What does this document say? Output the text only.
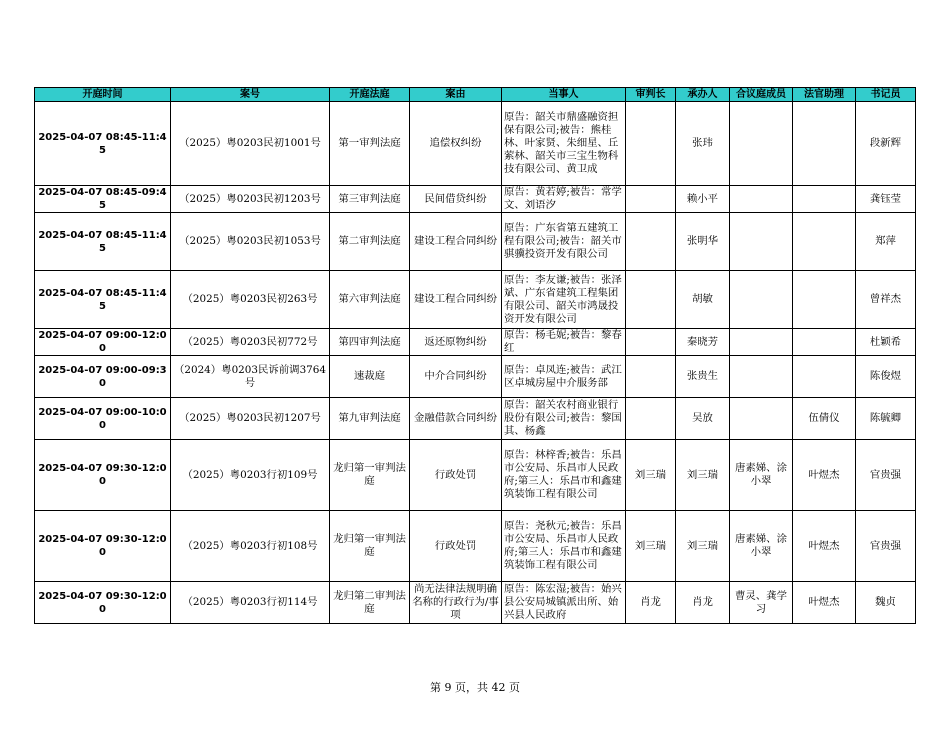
开庭时间	案号	开庭法庭	案由	当事人	审判长	承办人	合议庭成员	法官助理	书记员
2025-04-07 08:45-11:45	（2025）粤0203民初1001号	第一审判法庭	追偿权纠纷	原告：韶关市鼎盛融资担保有限公司;被告：熊桂林、叶家贤、朱细星、丘萦林、韶关市三宝生物科技有限公司、黄卫成		张玮			段新辉
2025-04-07 08:45-09:45	（2025）粤0203民初1203号	第三审判法庭	民间借贷纠纷	原告：黄若婷;被告：常学文、刘语汐		赖小平			龚钰莹
2025-04-07 08:45-11:45	（2025）粤0203民初1053号	第二审判法庭	建设工程合同纠纷	原告：广东省第五建筑工程有限公司;被告：韶关市骐骥投资开发有限公司		张明华			郑萍
2025-04-07 08:45-11:45	（2025）粤0203民初263号	第六审判法庭	建设工程合同纠纷	原告：李友谦;被告：张泽斌、广东省建筑工程集团有限公司、韶关市鸿晟投资开发有限公司		胡敏			曾祥杰
2025-04-07 09:00-12:00	（2025）粤0203民初772号	第四审判法庭	返还原物纠纷	原告：杨毛妮;被告：黎春红		秦晓芳			杜颖希
2025-04-07 09:00-09:30	（2024）粤0203民诉前调3764号	速裁庭	中介合同纠纷	原告：卓凤连;被告：武江区卓城房屋中介服务部		张贵生			陈俊煜
2025-04-07 09:00-10:00	（2025）粤0203民初1207号	第九审判法庭	金融借款合同纠纷	原告：韶关农村商业银行股份有限公司;被告：黎国其、杨鑫		吴放		伍倩仪	陈毓卿
2025-04-07 09:30-12:00	（2025）粤0203行初109号	龙归第一审判法庭	行政处罚	原告：林梓香;被告：乐昌市公安局、乐昌市人民政府;第三人：乐昌市和鑫建筑装饰工程有限公司	刘三瑞	刘三瑞	唐素娣、涂小翠	叶煜杰	官贵强
2025-04-07 09:30-12:00	（2025）粤0203行初108号	龙归第一审判法庭	行政处罚	原告：尧秋元;被告：乐昌市公安局、乐昌市人民政府;第三人：乐昌市和鑫建筑装饰工程有限公司	刘三瑞	刘三瑞	唐素娣、涂小翠	叶煜杰	官贵强
2025-04-07 09:30-12:00	（2025）粤0203行初114号	龙归第二审判法庭	尚无法律法规明确名称的行政行为/事项	原告：陈宏湿;被告：始兴县公安局城镇派出所、始兴县人民政府	肖龙	肖龙	曹灵、龚学习	叶煜杰	魏贞
第 9 页，共 42 页
